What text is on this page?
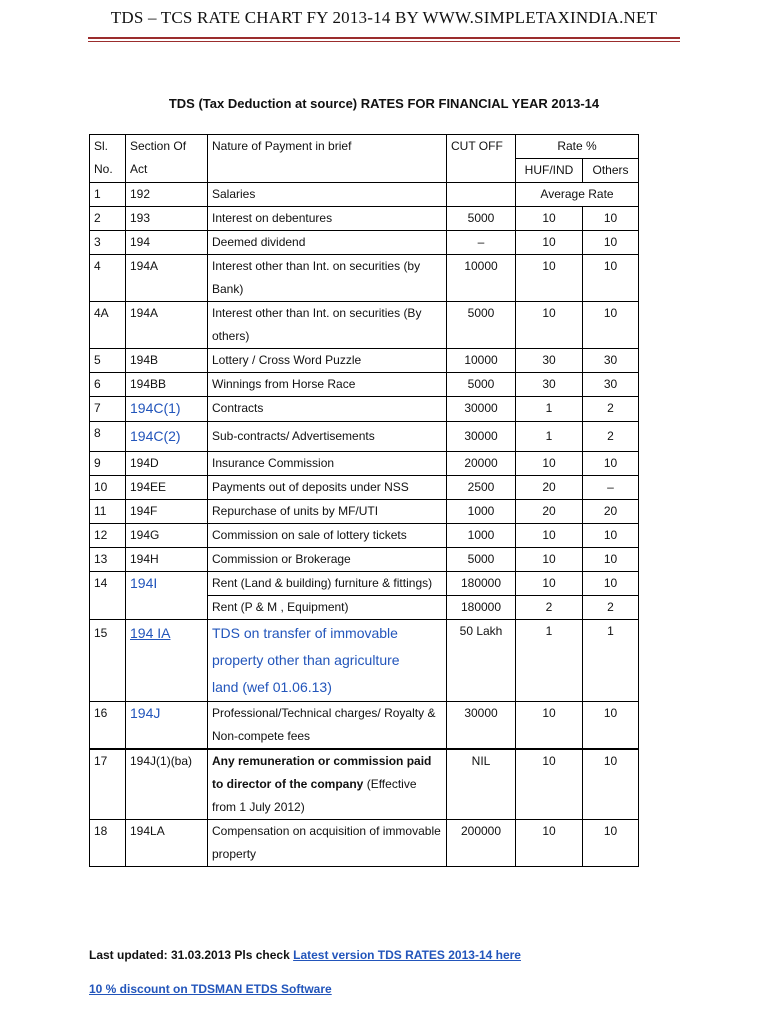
TDS – TCS RATE CHART FY 2013-14 BY WWW.SIMPLETAXINDIA.NET
TDS (Tax Deduction at source) RATES FOR FINANCIAL YEAR 2013-14
Sl.
No.	Section Of
Act	Nature of Payment in brief	CUT OFF	Rate %	
				HUF/IND	Others
1	192	Salaries		Average Rate	
2	193	Interest on debentures	5000	10	10
3	194	Deemed dividend	–	10	10
4	194A	Interest other than Int. on securities (by Bank)	10000	10	10
4A	194A	Interest other than Int. on securities (By others)	5000	10	10
5	194B	Lottery / Cross Word Puzzle	10000	30	30
6	194BB	Winnings from Horse Race	5000	30	30
7	194C(1)	Contracts	30000	1	2
8	194C(2)	Sub-contracts/ Advertisements	30000	1	2
9	194D	Insurance Commission	20000	10	10
10	194EE	Payments out of deposits under NSS	2500	20	–
11	194F	Repurchase of units by MF/UTI	1000	20	20
12	194G	Commission on sale of lottery tickets	1000	10	10
13	194H	Commission or Brokerage	5000	10	10
14	194I	Rent (Land & building) furniture & fittings)	180000	10	10
		Rent (P & M , Equipment)	180000	2	2
15	194 IA	TDS on transfer of immovable
property other than agriculture
land (wef 01.06.13)	50 Lakh	1	1
16	194J	Professional/Technical charges/ Royalty & Non-compete fees	30000	10	10
17	194J(1)(ba)	Any remuneration or commission paid to director of the company (Effective from 1 July 2012)	NIL	10	10
18	194LA	Compensation on acquisition of immovable property	200000	10	10
Last updated: 31.03.2013 Pls check Latest version TDS RATES 2013-14 here
10 % discount on TDSMAN ETDS Software
